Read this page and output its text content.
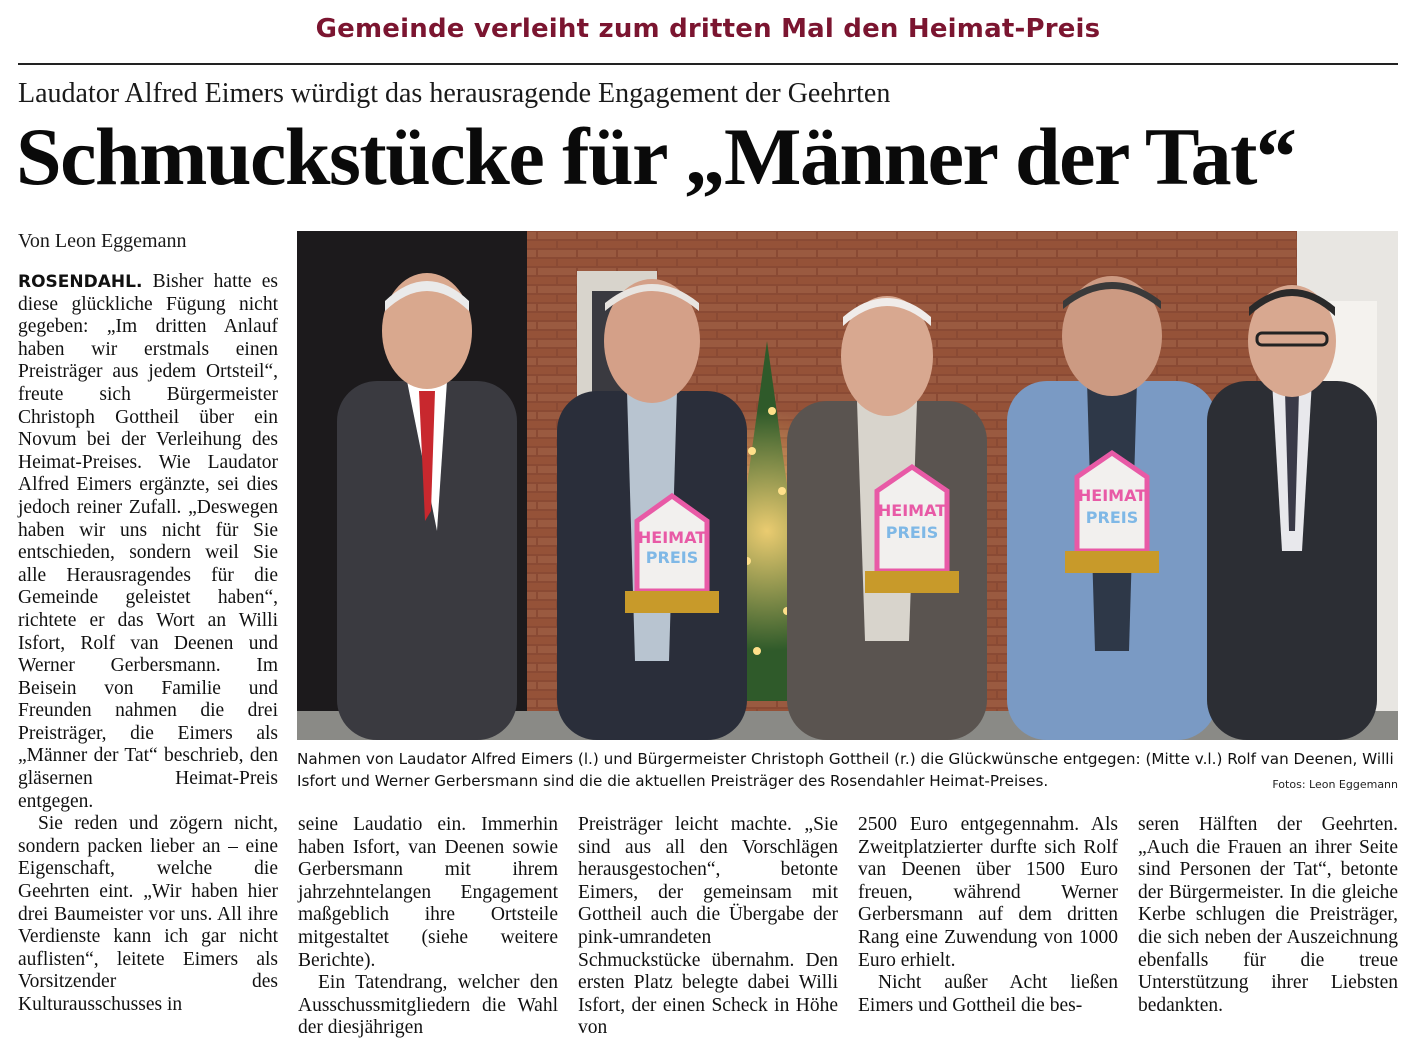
Gemeinde verleiht zum dritten Mal den Heimat-Preis
Laudator Alfred Eimers würdigt das herausragende Engagement der Geehrten
Schmuckstücke für „Männer der Tat“
Von Leon Eggemann

ROSENDAHL. Bisher hatte es diese glückliche Fügung nicht gegeben: „Im dritten Anlauf haben wir erstmals einen Preisträger aus jedem Ortsteil“, freute sich Bürgermeister Christoph Gottheil über ein Novum bei der Verleihung des Heimat-Preises. Wie Laudator Alfred Eimers ergänzte, sei dies jedoch reiner Zufall. „Deswegen haben wir uns nicht für Sie entschieden, sondern weil Sie alle Herausragendes für die Gemeinde geleistet haben“, richtete er das Wort an Willi Isfort, Rolf van Deenen und Werner Gerbersmann. Im Beisein von Familie und Freunden nahmen die drei Preisträger, die Eimers als „Männer der Tat“ beschrieb, den gläsernen Heimat-Preis entgegen.

Sie reden und zögern nicht, sondern packen lieber an – eine Eigenschaft, welche die Geehrten eint. „Wir haben hier drei Baumeister vor uns. All ihre Verdienste kann ich gar nicht auflisten“, leitete Eimers als Vorsitzender des Kulturausschusses in

HEIMAT
PREIS
HEIMAT
PREIS
HEIMAT
PREIS
Nahmen von Laudator Alfred Eimers (l.) und Bürgermeister Christoph Gottheil (r.) die Glückwünsche entgegen: (Mitte v.l.) Rolf van Deenen, Willi Isfort und Werner Gerbersmann sind die die aktuellen Preisträger des Rosendahler Heimat-Preises.	Fotos: Leon Eggemann

seine Laudatio ein. Immerhin haben Isfort, van Deenen sowie Gerbersmann mit ihrem jahrzehntelangen Engagement maßgeblich ihre Ortsteile mitgestaltet (siehe weitere Berichte).

Ein Tatendrang, welcher den Ausschussmitgliedern die Wahl der diesjährigen

Preisträger leicht machte. „Sie sind aus all den Vorschlägen herausgestochen“, betonte Eimers, der gemeinsam mit Gottheil auch die Übergabe der pink-umrandeten Schmuckstücke übernahm. Den ersten Platz belegte dabei Willi Isfort, der einen Scheck in Höhe von

2500 Euro entgegennahm. Als Zweitplatzierter durfte sich Rolf van Deenen über 1500 Euro freuen, während Werner Gerbersmann auf dem dritten Rang eine Zuwendung von 1000 Euro erhielt.

Nicht außer Acht ließen Eimers und Gottheil die bes-

seren Hälften der Geehrten. „Auch die Frauen an ihrer Seite sind Personen der Tat“, betonte der Bürgermeister. In die gleiche Kerbe schlugen die Preisträger, die sich neben der Auszeichnung ebenfalls für die treue Unterstützung ihrer Liebsten bedankten.
